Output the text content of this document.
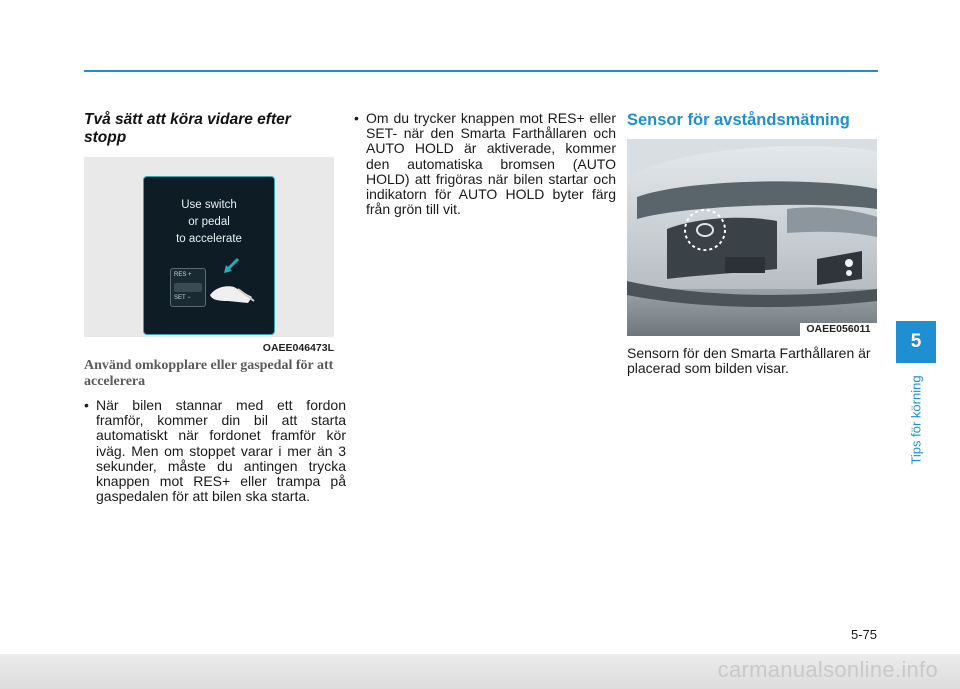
Två sätt att köra vidare efter stopp
Use switch
or pedal
to accelerate
RES +
SET −
OAEE046473L
Använd omkopplare eller gaspedal för att accelerera
• När bilen stannar med ett fordon framför, kommer din bil att starta automatiskt när fordonet framför kör iväg. Men om stoppet varar i mer än 3 sekunder, måste du antingen trycka knappen mot RES+ eller trampa på gaspedalen för att bilen ska starta.
• Om du trycker knappen mot RES+ eller SET- när den Smarta Farthållaren och AUTO HOLD är aktiverade, kommer den automatiska bromsen (AUTO HOLD) att frigöras när bilen startar och indikatorn för AUTO HOLD byter färg från grön till vit.
Sensor för avståndsmätning
OAEE056011
Sensorn för den Smarta Farthållaren är placerad som bilden visar.
5
Tips för körning
5-75
carmanualsonline.info
